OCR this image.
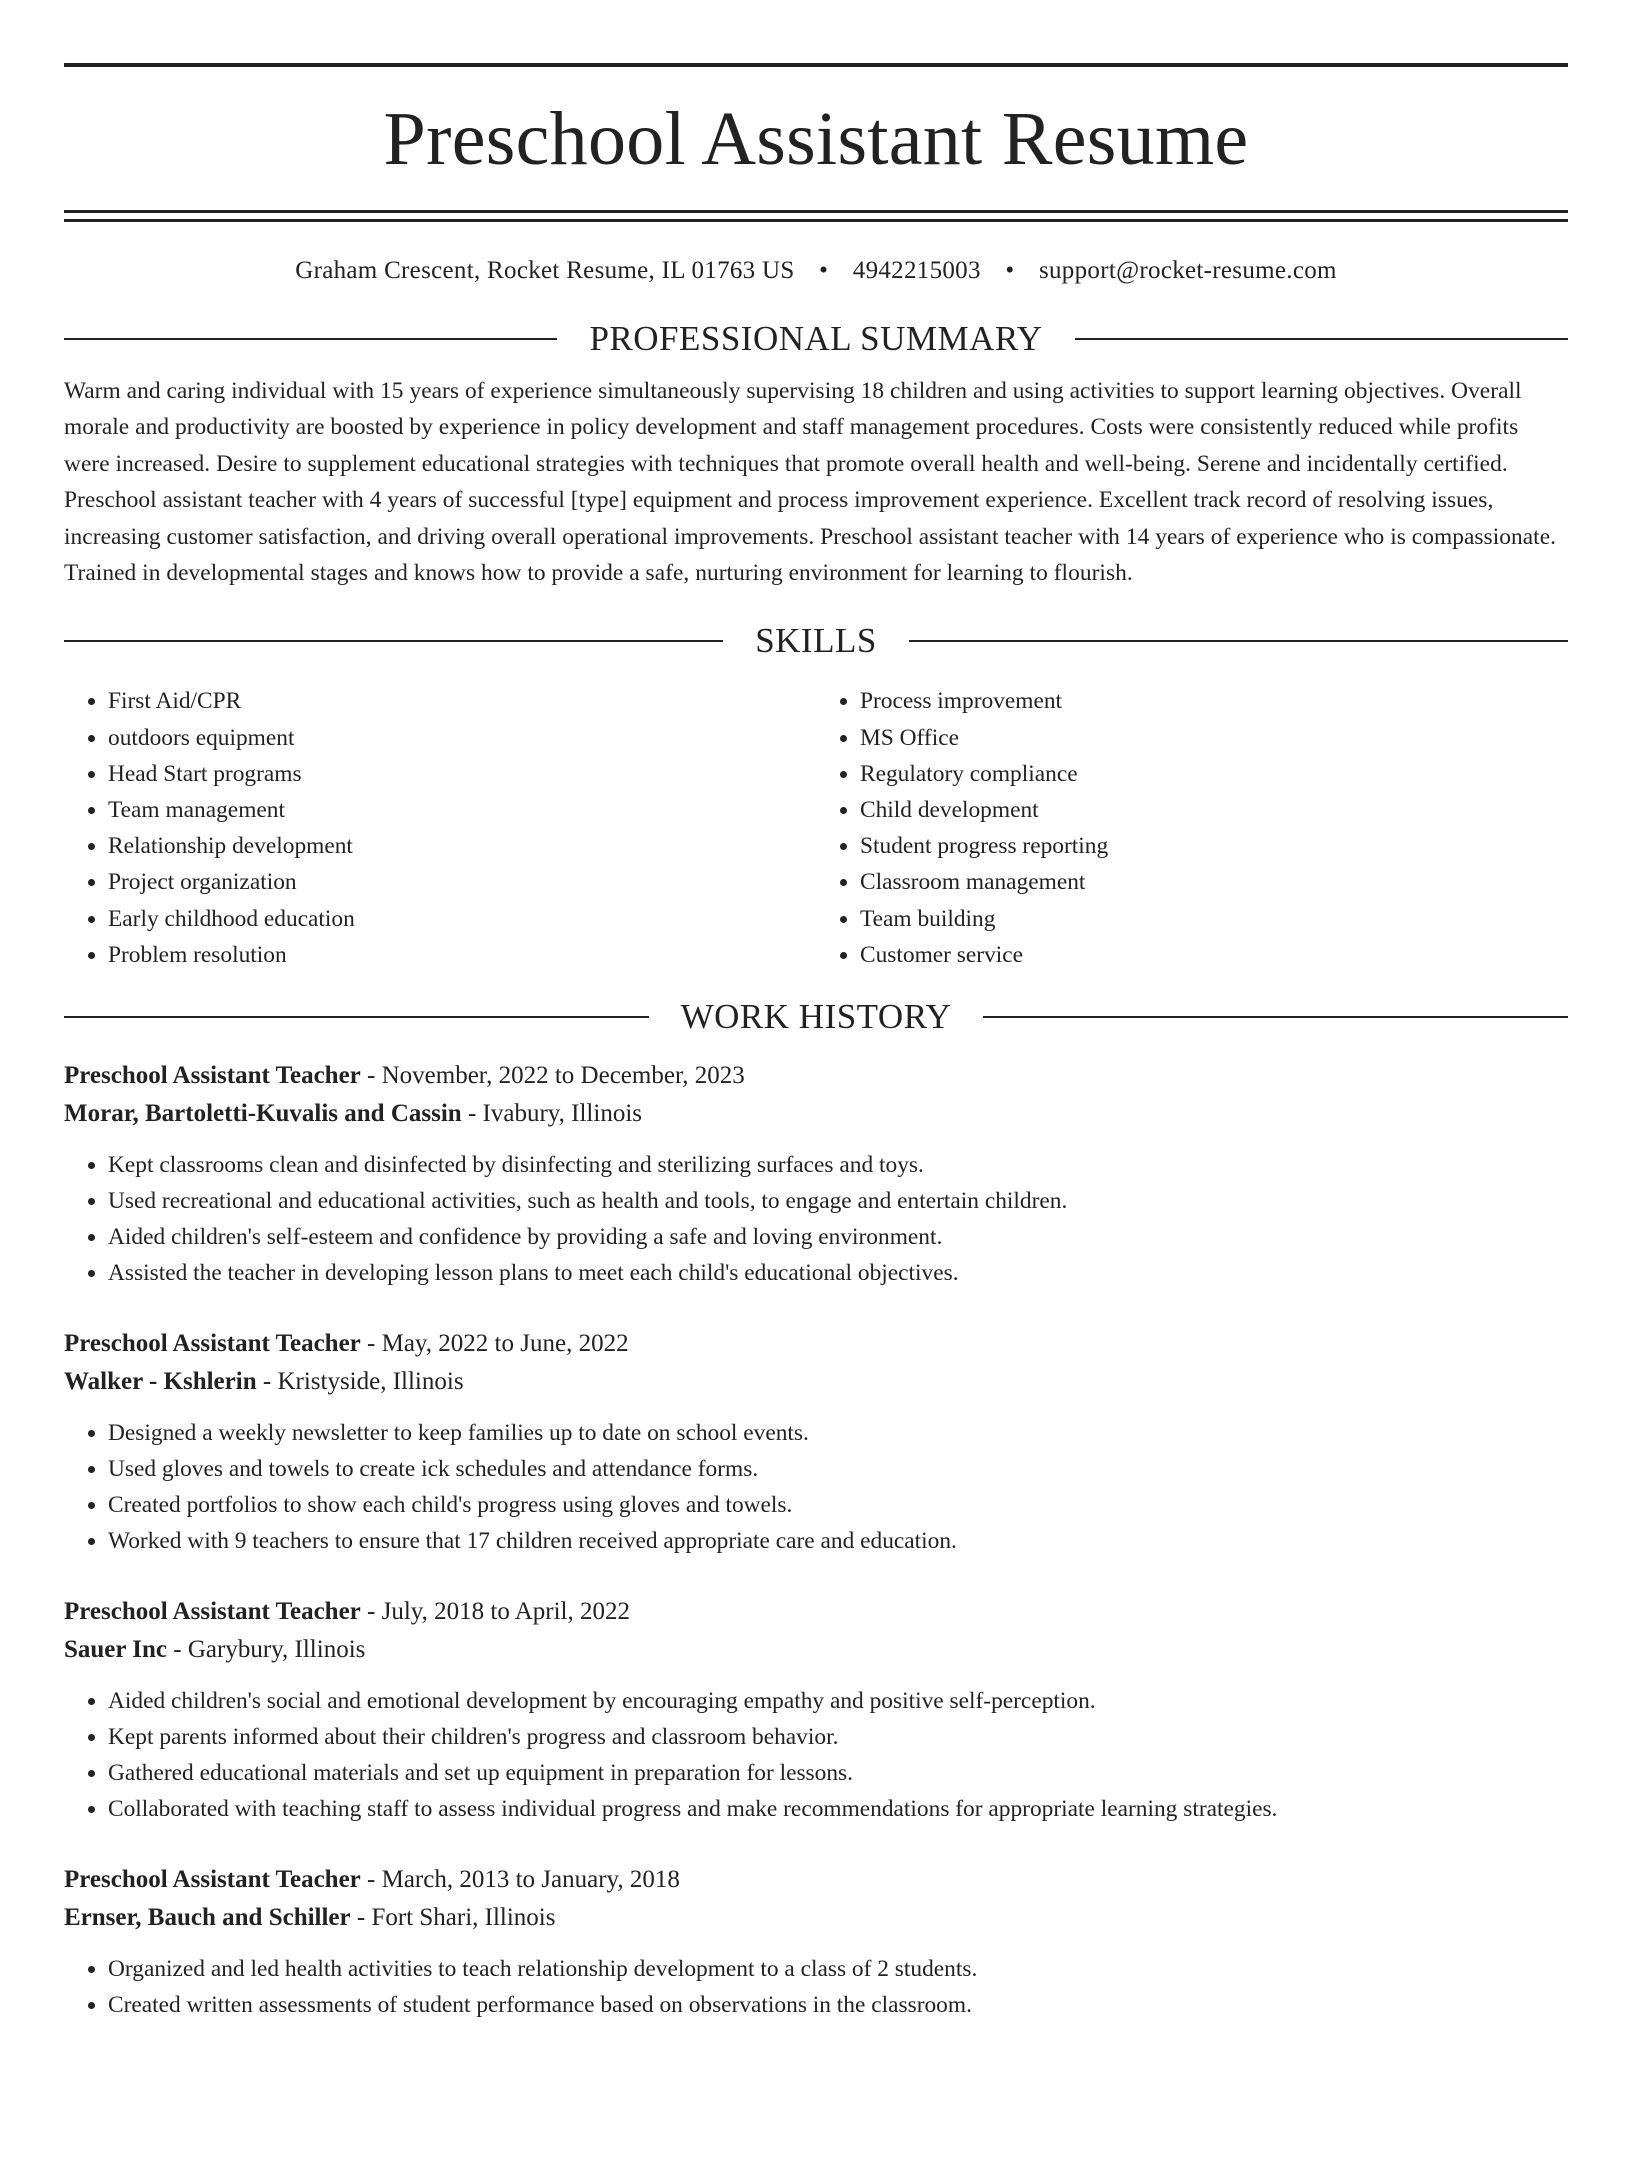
Preschool Assistant Resume
Graham Crescent, Rocket Resume, IL 01763 US • 4942215003 • support@rocket-resume.com
PROFESSIONAL SUMMARY

Warm and caring individual with 15 years of experience simultaneously supervising 18 children and using activities to support learning objectives. Overall morale and productivity are boosted by experience in policy development and staff management procedures. Costs were consistently reduced while profits were increased. Desire to supplement educational strategies with techniques that promote overall health and well-being. Serene and incidentally certified. Preschool assistant teacher with 4 years of successful [type] equipment and process improvement experience. Excellent track record of resolving issues, increasing customer satisfaction, and driving overall operational improvements. Preschool assistant teacher with 14 years of experience who is compassionate. Trained in developmental stages and knows how to provide a safe, nurturing environment for learning to flourish.

SKILLS
• First Aid/CPR
• outdoors equipment
• Head Start programs
• Team management
• Relationship development
• Project organization
• Early childhood education
• Problem resolution
• Process improvement
• MS Office
• Regulatory compliance
• Child development
• Student progress reporting
• Classroom management
• Team building
• Customer service
WORK HISTORY
Preschool Assistant Teacher - November, 2022 to December, 2023
Morar, Bartoletti-Kuvalis and Cassin - Ivabury, Illinois
• Kept classrooms clean and disinfected by disinfecting and sterilizing surfaces and toys.
• Used recreational and educational activities, such as health and tools, to engage and entertain children.
• Aided children's self-esteem and confidence by providing a safe and loving environment.
• Assisted the teacher in developing lesson plans to meet each child's educational objectives.
Preschool Assistant Teacher - May, 2022 to June, 2022
Walker - Kshlerin - Kristyside, Illinois
• Designed a weekly newsletter to keep families up to date on school events.
• Used gloves and towels to create ick schedules and attendance forms.
• Created portfolios to show each child's progress using gloves and towels.
• Worked with 9 teachers to ensure that 17 children received appropriate care and education.
Preschool Assistant Teacher - July, 2018 to April, 2022
Sauer Inc - Garybury, Illinois
• Aided children's social and emotional development by encouraging empathy and positive self-perception.
• Kept parents informed about their children's progress and classroom behavior.
• Gathered educational materials and set up equipment in preparation for lessons.
• Collaborated with teaching staff to assess individual progress and make recommendations for appropriate learning strategies.
Preschool Assistant Teacher - March, 2013 to January, 2018
Ernser, Bauch and Schiller - Fort Shari, Illinois
• Organized and led health activities to teach relationship development to a class of 2 students.
• Created written assessments of student performance based on observations in the classroom.
